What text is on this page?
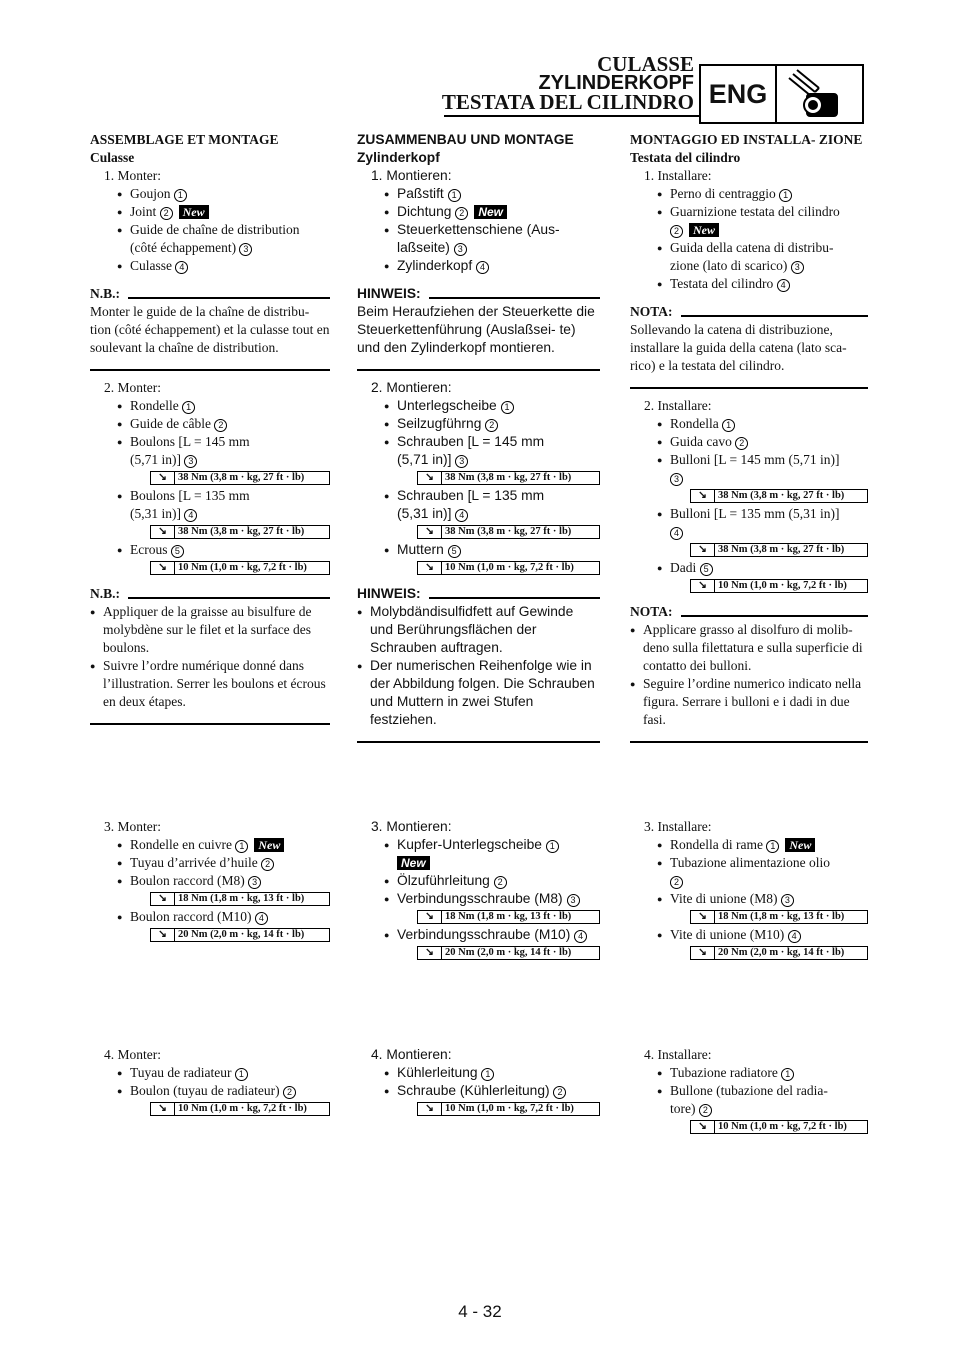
CULASSE
ZYLINDERKOPF
TESTATA DEL CILINDRO ENG
ASSEMBLAGE ET MONTAGE
Culasse
1. Monter:
● Goujon 1
● Joint 2 New
● Guide de chaîne de distribution
(côté échappement) 3
● Culasse 4
N.B.:
Monter le guide de la chaîne de distribu- tion (côté échappement) et la culasse tout en soulevant la chaîne de distribution.
2. Monter:
● Rondelle 1
● Guide de câble 2
● Boulons [L = 145 mm
(5,71 in)] 3
↘	38 Nm (3,8 m · kg, 27 ft · lb)
● Boulons [L = 135 mm
(5,31 in)] 4
↘	38 Nm (3,8 m · kg, 27 ft · lb)
● Ecrous 5
↘	10 Nm (1,0 m · kg, 7,2 ft · lb)
N.B.:
● Appliquer de la graisse au bisulfure de molybdène sur le filet et la surface des boulons.
● Suivre l’ordre numérique donné dans l’illustration. Serrer les boulons et écrous en deux étapes.
3. Monter:
● Rondelle en cuivre 1 New
● Tuyau d’arrivée d’huile 2
● Boulon raccord (M8) 3
↘	18 Nm (1,8 m · kg, 13 ft · lb)
● Boulon raccord (M10) 4
↘	20 Nm (2,0 m · kg, 14 ft · lb)
4. Monter:
● Tuyau de radiateur 1
● Boulon (tuyau de radiateur) 2
↘	10 Nm (1,0 m · kg, 7,2 ft · lb)
ZUSAMMENBAU UND MONTAGE
Zylinderkopf
1. Montieren:
● Paßstift 1
● Dichtung 2 New
● Steuerkettenschiene (Aus-
laßseite) 3
● Zylinderkopf 4
HINWEIS:
Beim Heraufziehen der Steuerkette die Steuerkettenführung (Auslaßsei- te) und den Zylinderkopf montieren.
2. Montieren:
● Unterlegscheibe 1
● Seilzugführng 2
● Schrauben [L = 145 mm
(5,71 in)] 3
↘	38 Nm (3,8 m · kg, 27 ft · lb)
● Schrauben [L = 135 mm
(5,31 in)] 4
↘	38 Nm (3,8 m · kg, 27 ft · lb)
● Muttern 5
↘	10 Nm (1,0 m · kg, 7,2 ft · lb)
HINWEIS:
● Molybdändisulfidfett auf Gewinde und Berührungsflächen der Schrauben auftragen.
● Der numerischen Reihenfolge wie in der Abbildung folgen. Die Schrauben und Muttern in zwei Stufen festziehen.
3. Montieren:
● Kupfer-Unterlegscheibe 1
New
● Ölzuführleitung 2
● Verbindungsschraube (M8) 3
↘	18 Nm (1,8 m · kg, 13 ft · lb)
● Verbindungsschraube (M10) 4
↘	20 Nm (2,0 m · kg, 14 ft · lb)
4. Montieren:
● Kühlerleitung 1
● Schraube (Kühlerleitung) 2
↘	10 Nm (1,0 m · kg, 7,2 ft · lb)
MONTAGGIO ED INSTALLA- ZIONE
Testata del cilindro
1. Installare:
● Perno di centraggio 1
● Guarnizione testata del cilindro
2 New
● Guida della catena di distribu-
zione (lato di scarico) 3
● Testata del cilindro 4
NOTA:
Sollevando la catena di distribuzione, installare la guida della catena (lato sca- rico) e la testata del cilindro.
2. Installare:
● Rondella 1
● Guida cavo 2
● Bulloni [L = 145 mm (5,71 in)]
3
↘	38 Nm (3,8 m · kg, 27 ft · lb)
● Bulloni [L = 135 mm (5,31 in)]
4
↘	38 Nm (3,8 m · kg, 27 ft · lb)
● Dadi 5
↘	10 Nm (1,0 m · kg, 7,2 ft · lb)
NOTA:
● Applicare grasso al disolfuro di molib- deno sulla filettatura e sulla superficie di contatto dei bulloni.
● Seguire l’ordine numerico indicato nella figura. Serrare i bulloni e i dadi in due fasi.
3. Installare:
● Rondella di rame 1 New
● Tubazione alimentazione olio
2
● Vite di unione (M8) 3
↘	18 Nm (1,8 m · kg, 13 ft · lb)
● Vite di unione (M10) 4
↘	20 Nm (2,0 m · kg, 14 ft · lb)
4. Installare:
● Tubazione radiatore 1
● Bullone (tubazione del radia-
tore) 2
↘	10 Nm (1,0 m · kg, 7,2 ft · lb)
4 - 32
